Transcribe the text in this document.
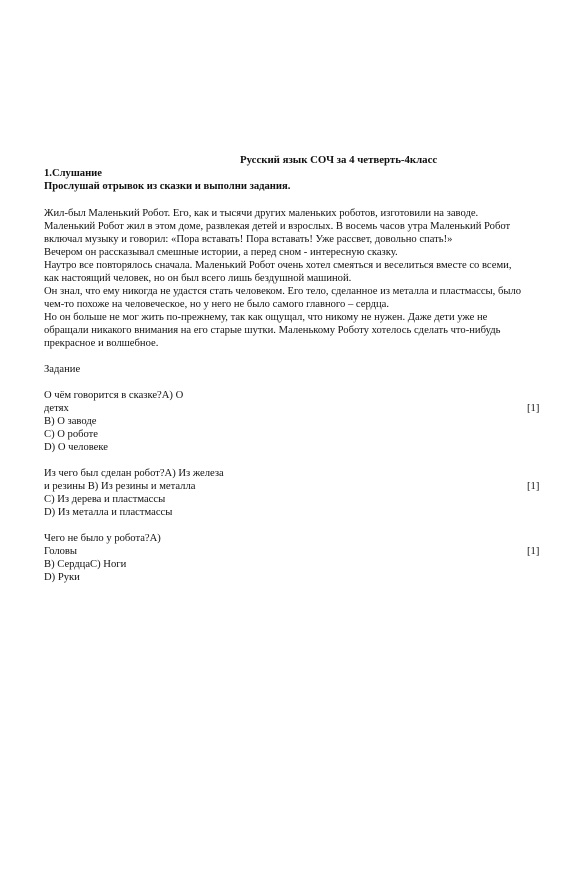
Русский язык СОЧ за 4 четверть-4класс
1.Слушание
Прослушай отрывок из сказки и выполни задания.
Жил-был Маленький Робот. Его, как и тысячи других маленьких роботов, изготовили на заводе.
Маленький Робот жил в этом доме, развлекая детей и взрослых. В восемь часов утра Маленький Робот
включал музыку и говорил: «Пора вставать! Пора вставать! Уже рассвет, довольно спать!»
Вечером он рассказывал смешные истории, а перед сном - интересную сказку.
Наутро все повторялось сначала. Маленький Робот очень хотел смеяться и веселиться вместе со всеми,
как настоящий человек, но он был всего лишь бездушной машиной.
Он знал, что ему никогда не удастся стать человеком. Его тело, сделанное из металла и пластмассы, было
чем-то похоже на человеческое, но у него не было самого главного – сердца.
Но он больше не мог жить по-прежнему, так как ощущал, что никому не нужен. Даже дети уже не
обращали никакого внимания на его старые шутки. Маленькому Роботу хотелось сделать что-нибудь
прекрасное и волшебное.
Задание
О чём говорится в сказке?А) О
детях
В) О заводе
С) О роботе
D) О человеке
[1]
Из чего был сделан робот?А) Из железа
и резины В) Из резины и металла
С) Из дерева и пластмассы
D) Из металла и пластмассы
[1]
Чего не было у робота?А)
Головы
В) СердцаС) Ноги
D) Руки
[1]
